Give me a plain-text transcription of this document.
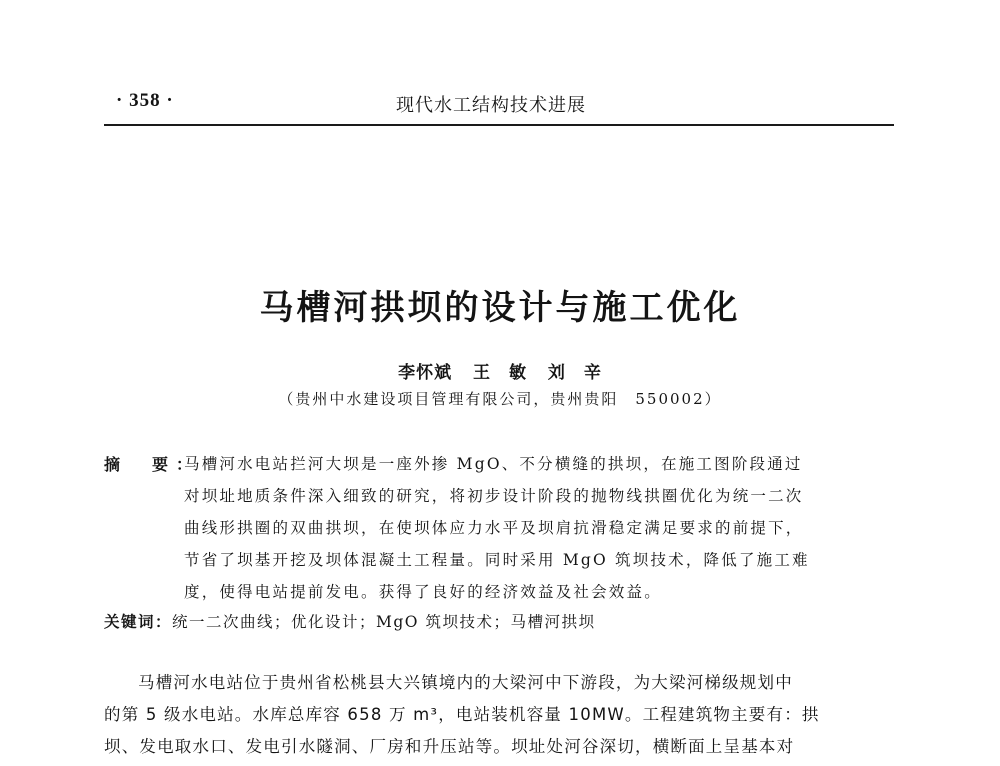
· 358 ·	现代水工结构技术进展
马槽河拱坝的设计与施工优化
李怀斌 王　敏 刘　辛
（贵州中水建设项目管理有限公司，贵州贵阳　550002）
摘　要：
马槽河水电站拦河大坝是一座外掺 MgO、不分横缝的拱坝，在施工图阶段通过
对坝址地质条件深入细致的研究，将初步设计阶段的抛物线拱圈优化为统一二次
曲线形拱圈的双曲拱坝，在使坝体应力水平及坝肩抗滑稳定满足要求的前提下，
节省了坝基开挖及坝体混凝土工程量。同时采用 MgO 筑坝技术，降低了施工难
度，使得电站提前发电。获得了良好的经济效益及社会效益。
关键词：统一二次曲线；优化设计；MgO 筑坝技术；马槽河拱坝
马槽河水电站位于贵州省松桃县大兴镇境内的大梁河中下游段，为大梁河梯级规划中
的第 5 级水电站。水库总库容 658 万 m³，电站装机容量 10MW。工程建筑物主要有：拱
坝、发电取水口、发电引水隧洞、厂房和升压站等。坝址处河谷深切，横断面上呈基本对
